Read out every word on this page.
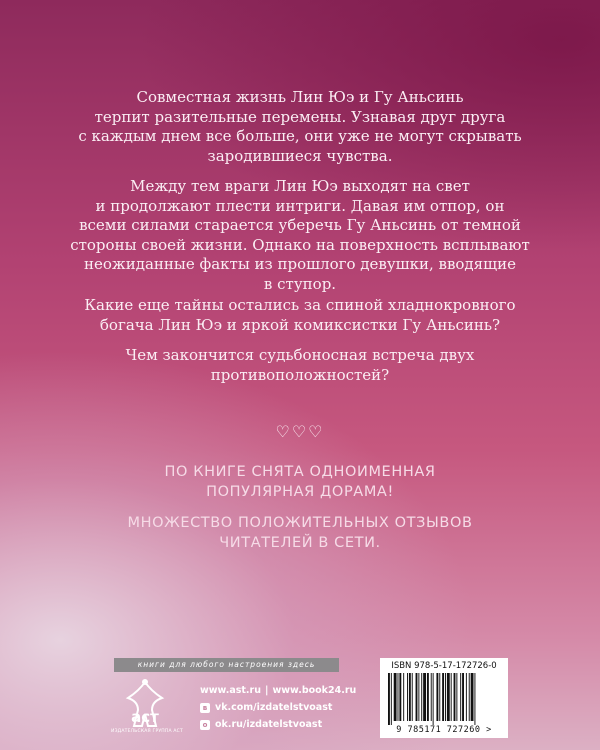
Совместная жизнь Лин Юэ и Гу Аньсинь
терпит разительные перемены. Узнавая друг друга
с каждым днем все больше, они уже не могут скрывать
зародившиеся чувства.

Между тем враги Лин Юэ выходят на свет
и продолжают плести интриги. Давая им отпор, он
всеми силами старается уберечь Гу Аньсинь от темной
стороны своей жизни. Однако на поверхность всплывают
неожиданные факты из прошлого девушки, вводящие
в ступор.

Какие еще тайны остались за спиной хладнокровного
богача Лин Юэ и яркой комиксистки Гу Аньсинь?

Чем закончится судьбоносная встреча двух
противоположностей?

♡♡♡

ПО КНИГЕ СНЯТА ОДНОИМЕННАЯ
ПОПУЛЯРНАЯ ДОРАМА!

МНОЖЕСТВО ПОЛОЖИТЕЛЬНЫХ ОТЗЫВОВ
ЧИТАТЕЛЕЙ В СЕТИ.

книги для любого настроения здесь
аст
ИЗДАТЕЛЬСКАЯ ГРУППА АСТ
www.ast.ru | www.book24.ru
в vk.com/izdatelstvoast
о ok.ru/izdatelstvoast
ISBN 978-5-17-172726-0
9 785171 727260 >
